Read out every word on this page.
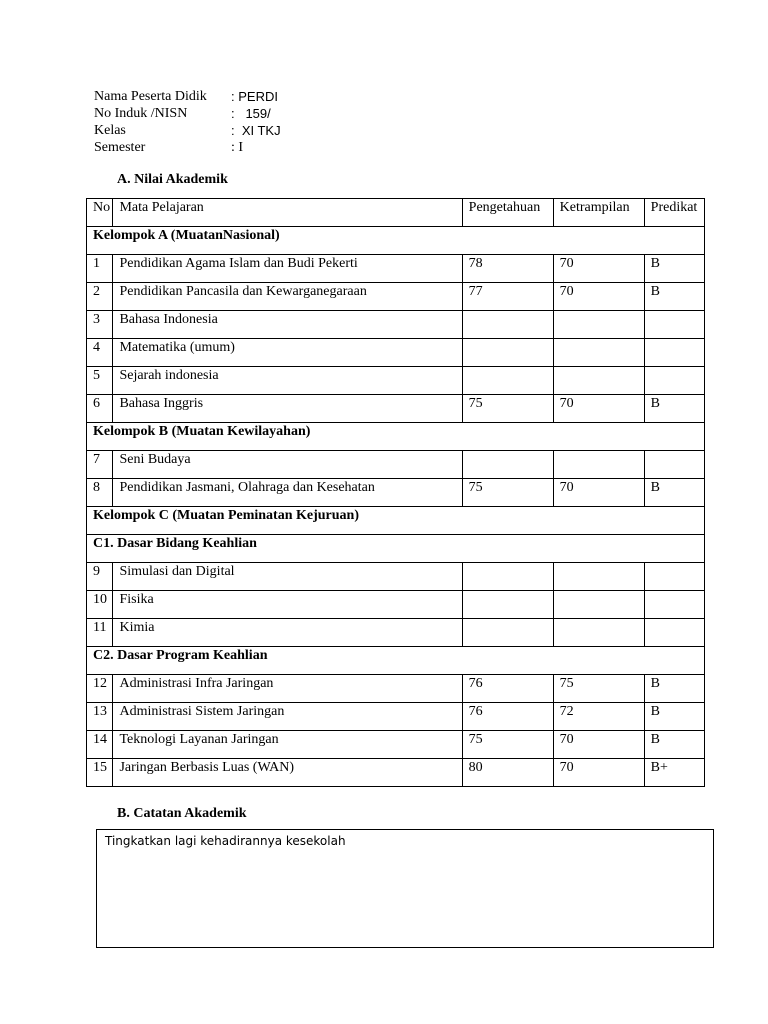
Nama Peserta Didik	: PERDI
No Induk /NISN	:   159/
Kelas	:  XI TKJ
Semester	: I
A. Nilai Akademik
No	Mata Pelajaran	Pengetahuan	Ketrampilan	Predikat
Kelompok A (MuatanNasional)				
1	Pendidikan Agama Islam dan Budi Pekerti	78	70	B
2	Pendidikan Pancasila dan Kewarganegaraan	77	70	B
3	Bahasa Indonesia			
4	Matematika (umum)			
5	Sejarah indonesia			
6	Bahasa Inggris	75	70	B
Kelompok B (Muatan Kewilayahan)				
7	Seni Budaya			
8	Pendidikan Jasmani, Olahraga dan Kesehatan	75	70	B
Kelompok C (Muatan Peminatan Kejuruan)				
C1. Dasar Bidang Keahlian				
9	Simulasi dan Digital			
10	Fisika			
11	Kimia			
C2. Dasar Program Keahlian				
12	Administrasi Infra Jaringan	76	75	B
13	Administrasi Sistem Jaringan	76	72	B
14	Teknologi Layanan Jaringan	75	70	B
15	Jaringan Berbasis Luas (WAN)	80	70	B+
B. Catatan Akademik
Tingkatkan lagi kehadirannya kesekolah
